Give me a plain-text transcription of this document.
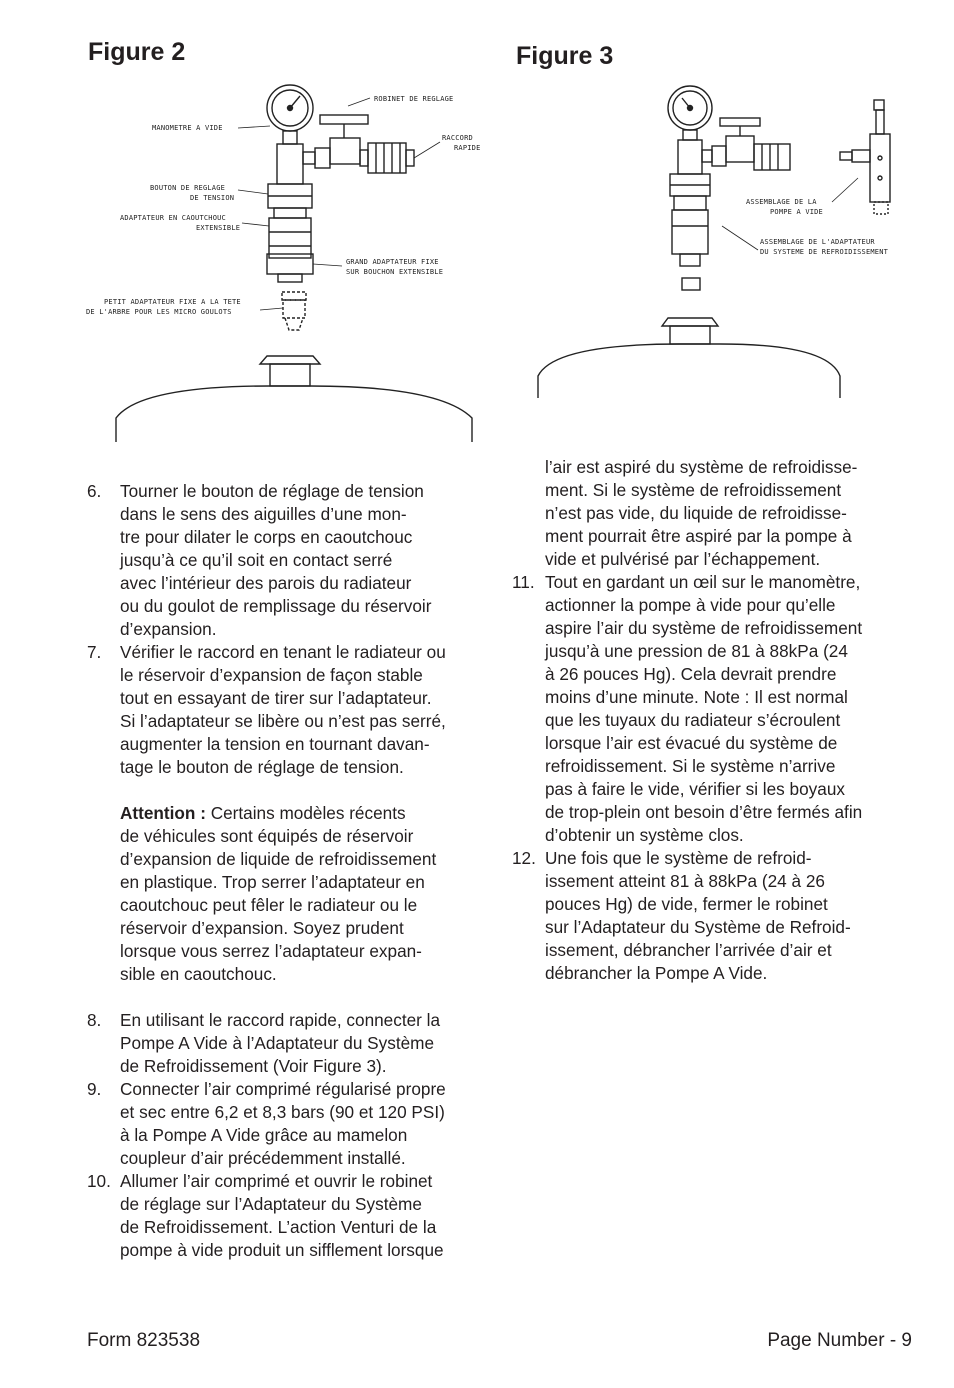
Figure 2	Figure 3
ROBINET DE REGLAGE
MANOMETRE A VIDE
RACCORD
RAPIDE
BOUTON DE REGLAGE
DE TENSION
ADAPTATEUR EN CAOUTCHOUC
EXTENSIBLE
GRAND ADAPTATEUR FIXE
SUR BOUCHON EXTENSIBLE
PETIT ADAPTATEUR FIXE A LA TETE
DE L'ARBRE POUR LES MICRO GOULOTS
ASSEMBLAGE DE LA
POMPE A VIDE
ASSEMBLAGE DE L'ADAPTATEUR
DU SYSTEME DE REFROIDISSEMENT
6.	Tourner le bouton de réglage de tension
dans le sens des aiguilles d’une mon-
tre pour dilater le corps en caoutchouc
jusqu’à ce qu’il soit en contact serré
avec l’intérieur des parois du radiateur
ou du goulot de remplissage du réservoir
d’expansion.
7.	Vérifier le raccord en tenant le radiateur ou
le réservoir d’expansion de façon stable
tout en essayant de tirer sur l’adaptateur.
Si l’adaptateur se libère ou n’est pas serré,
augmenter la tension en tournant davan-
tage le bouton de réglage de tension.
Attention : Certains modèles récents
de véhicules sont équipés de réservoir
d’expansion de liquide de refroidissement
en plastique. Trop serrer l’adaptateur en
caoutchouc peut fêler le radiateur ou le
réservoir d’expansion. Soyez prudent
lorsque vous serrez l’adaptateur expan-
sible en caoutchouc.
8.	En utilisant le raccord rapide, connecter la
Pompe A Vide à l’Adaptateur du Système
de Refroidissement (Voir Figure 3).
9.	Connecter l’air comprimé régularisé propre
et sec entre 6,2 et 8,3 bars (90 et 120 PSI)
à la Pompe A Vide grâce au mamelon
coupleur d’air précédemment installé.
10. Allumer l’air comprimé et ouvrir le robinet
de réglage sur l’Adaptateur du Système
de Refroidissement. L’action Venturi de la
pompe à vide produit un sifflement lorsque
l’air est aspiré du système de refroidisse-
ment. Si le système de refroidissement
n’est pas vide, du liquide de refroidisse-
ment pourrait être aspiré par la pompe à
vide et pulvérisé par l’échappement.
11. Tout en gardant un œil sur le manomètre,
actionner la pompe à vide pour qu’elle
aspire l’air du système de refroidissement
jusqu’à une pression de 81 à 88kPa (24
à 26 pouces Hg). Cela devrait prendre
moins d’une minute. Note : Il est normal
que les tuyaux du radiateur s’écroulent
lorsque l’air est évacué du système de
refroidissement. Si le système n’arrive
pas à faire le vide, vérifier si les boyaux
de trop-plein ont besoin d’être fermés afin
d’obtenir un système clos.
12. Une fois que le système de refroid-
issement atteint 81 à 88kPa (24 à 26
pouces Hg) de vide, fermer le robinet
sur l’Adaptateur du Système de Refroid-
issement, débrancher l’arrivée d’air et
débrancher la Pompe A Vide.
Form 823538	Page Number - 9
